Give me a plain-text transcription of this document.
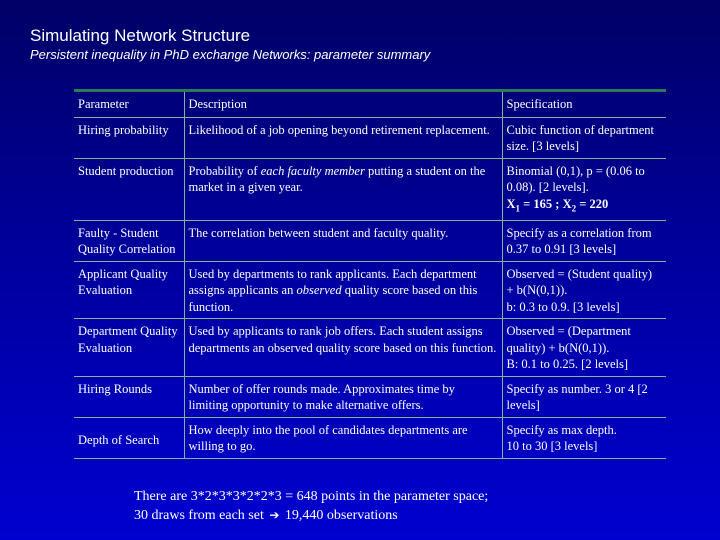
Simulating Network Structure
Persistent inequality in PhD exchange Networks: parameter summary
Parameter	Description	Specification
Hiring probability	Likelihood of a job opening beyond retirement replacement.	Cubic function of department size. [3 levels]
Student production	Probability of each faculty member putting a student on the market in a given year.	Binomial (0,1), p = (0.06 to 0.08). [2 levels].
$X_1 = 165$ ; $X_2 = 220$
Faulty - Student Quality Correlation	The correlation between student and faculty quality.	Specify as a correlation from 0.37 to 0.91 [3 levels]
Applicant Quality Evaluation	Used by departments to rank applicants. Each department assigns applicants an observed quality score based on this function.	Observed = (Student quality) + b(N(0,1)).
b: 0.3 to 0.9. [3 levels]
Department Quality Evaluation	Used by applicants to rank job offers. Each student assigns departments an observed quality score based on this function.	Observed = (Department quality) + b(N(0,1)).
B: 0.1 to 0.25. [2 levels]
Hiring Rounds	Number of offer rounds made. Approximates time by limiting opportunity to make alternative offers.	Specify as number. 3 or 4 [2 levels]
Depth of Search	How deeply into the pool of candidates departments are willing to go.	Specify as max depth.
10 to 30 [3 levels]
There are 3*2*3*3*2*2*3 = 648 points in the parameter space;
30 draws from each set ➔ 19,440 observations
